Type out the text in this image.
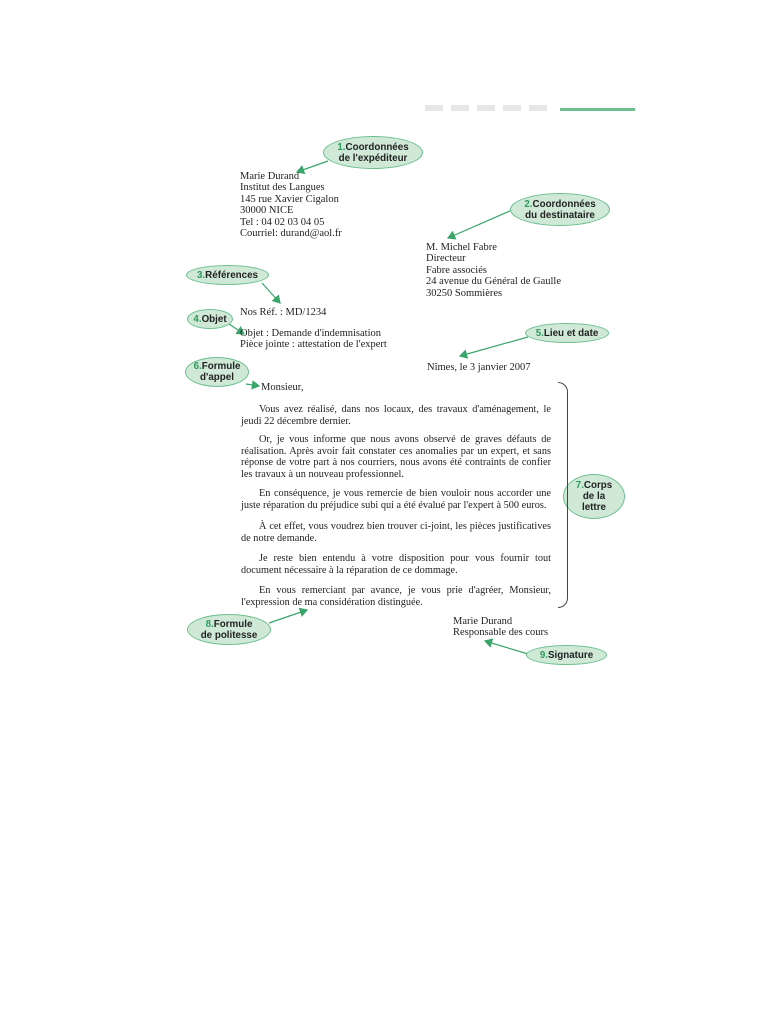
1.Coordonnées
de l'expéditeur
2.Coordonnées
du destinataire
3.Références
4.Objet
5.Lieu et date
6.Formule
d'appel
7.Corps
de la
lettre
8.Formule
de politesse
9.Signature
Marie Durand
Institut des Langues
145 rue Xavier Cigalon
30000 NICE
Tel : 04 02 03 04 05
Courriel: durand@aol.fr
M. Michel Fabre
Directeur
Fabre associés
24 avenue du Général de Gaulle
30250 Sommières
Nos Réf. : MD/1234
Objet : Demande d'indemnisation
Pièce jointe : attestation de l'expert
Nîmes, le 3 janvier 2007
Monsieur,
Vous avez réalisé, dans nos locaux, des travaux d'aménagement, le jeudi 22 décembre dernier.
Or, je vous informe que nous avons observé de graves défauts de réalisation. Après avoir fait constater ces anomalies par un expert, et sans réponse de votre part à nos courriers, nous avons été contraints de confier les travaux à un nouveau professionnel.
En conséquence, je vous remercie de bien vouloir nous accorder une juste réparation du préjudice subi qui a été évalué par l'expert à 500 euros.
À cet effet, vous voudrez bien trouver ci-joint, les pièces justificatives de notre demande.
Je reste bien entendu à votre disposition pour vous fournir tout document nécessaire à la réparation de ce dommage.
En vous remerciant par avance, je vous prie d'agréer, Monsieur, l'expression de ma considération distinguée.
Marie Durand
Responsable des cours
